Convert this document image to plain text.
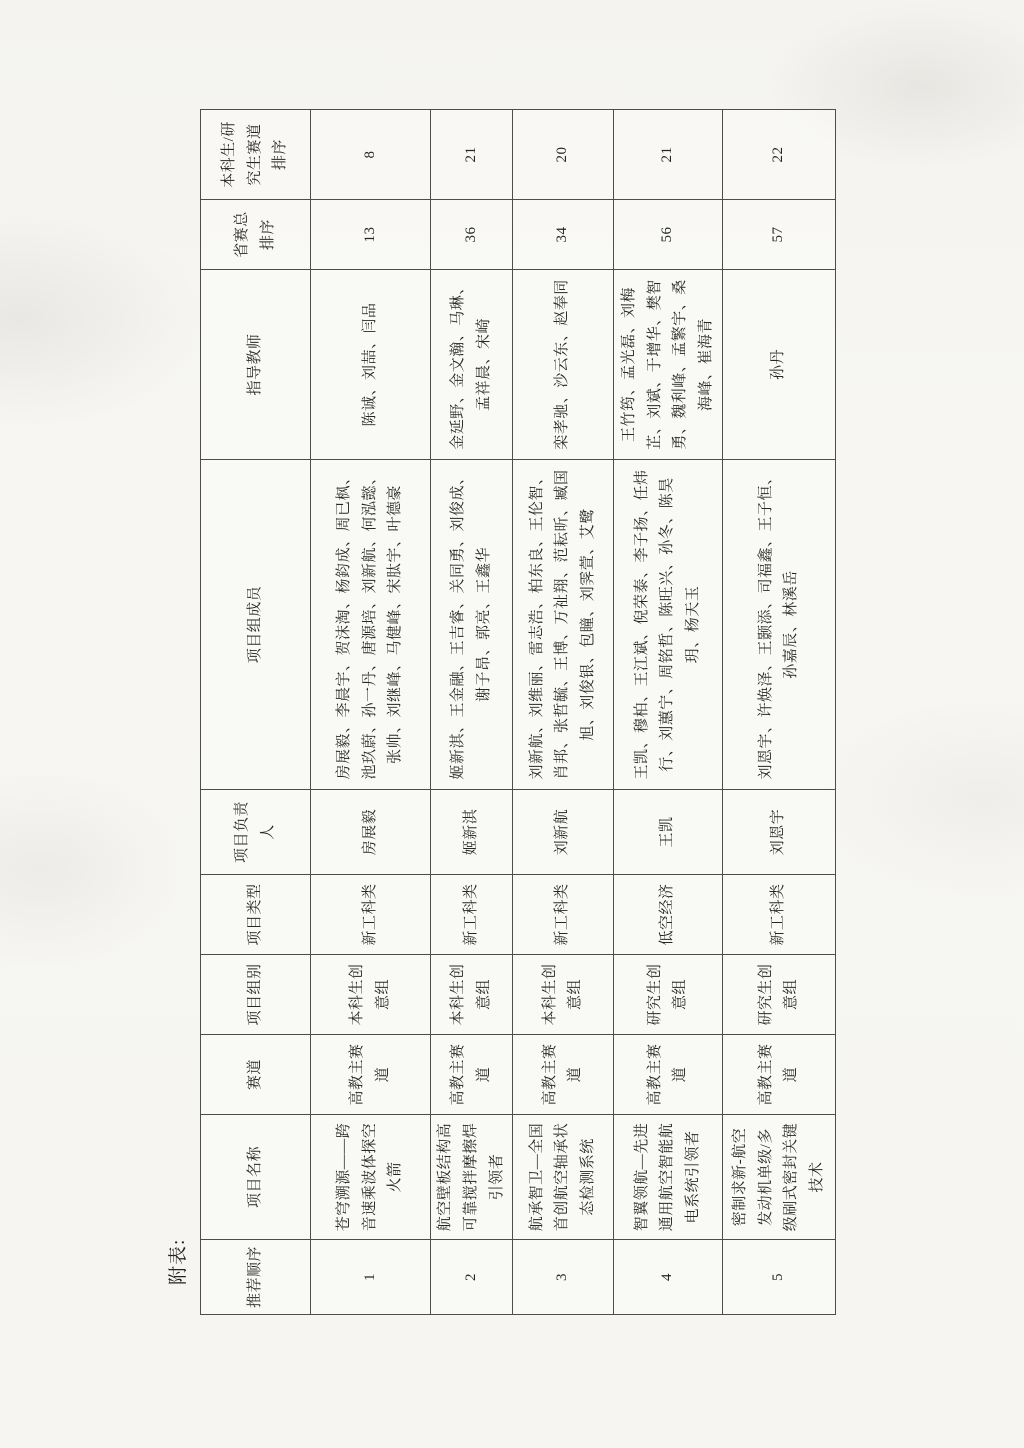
附表:	推荐顺序	项目名称	赛道	项目组别	项目类型	项目负责人	项目组成员	指导教师	省赛总排序	本科生/研究生赛道排序
1	苍穹溯源——跨音速乘波体探空火箭	高教主赛道	本科生创意组	新工科类	房展毅	房展毅、李晨宇、贺沫淘、杨鈞成、周已枫、池玖蔚、孙一丹、唐源培、刘新航、何泓懿、张帅、刘继峰、马健峰、宋肽宇、叶德豪	陈诚、刘喆、闫品	13	8
2	航空壁板结构高可靠搅拌摩擦焊引领者	高教主赛道	本科生创意组	新工科类	姬新淇	姬新淇、王金融、王吉睿、关同勇、刘俊成、谢子昂、郭亮、王鑫华	金延野、金文瀚、马琳、孟祥晨、宋崎	36	21
3	航承智卫—全国首创航空轴承状态检测系统	高教主赛道	本科生创意组	新工科类	刘新航	刘新航、刘维丽、雷志浩、柏东良、王伦智、肖邦、张哲毓、王博、万祉翔、范耘昕、臧国旭、刘俊银、包瞳、刘霁萱、艾鹭	栾孝驰、沙云东、赵奉同	34	20
4	智翼领航—先进通用航空智能航电系统引领者	高教主赛道	研究生创意组	低空经济	王凯	王凯、穆柏、王江斌、倪荣泰、李子扬、任炜行、刘蕙宁、周铭哲、陈旺兴、孙冬、陈昊玥、杨天玉	王竹筠、孟光磊、刘梅芷、刘斌、于增华、樊智勇、魏利峰、孟繁宇、桑海峰、崔海青	56	21
5	密制求新-航空发动机单级/多级刷式密封关键技术	高教主赛道	研究生创意组	新工科类	刘恩宇	刘恩宇、许焕泽、王颢添、司福鑫、王子恒、孙嘉辰、林溪岳	孙丹	57	22
